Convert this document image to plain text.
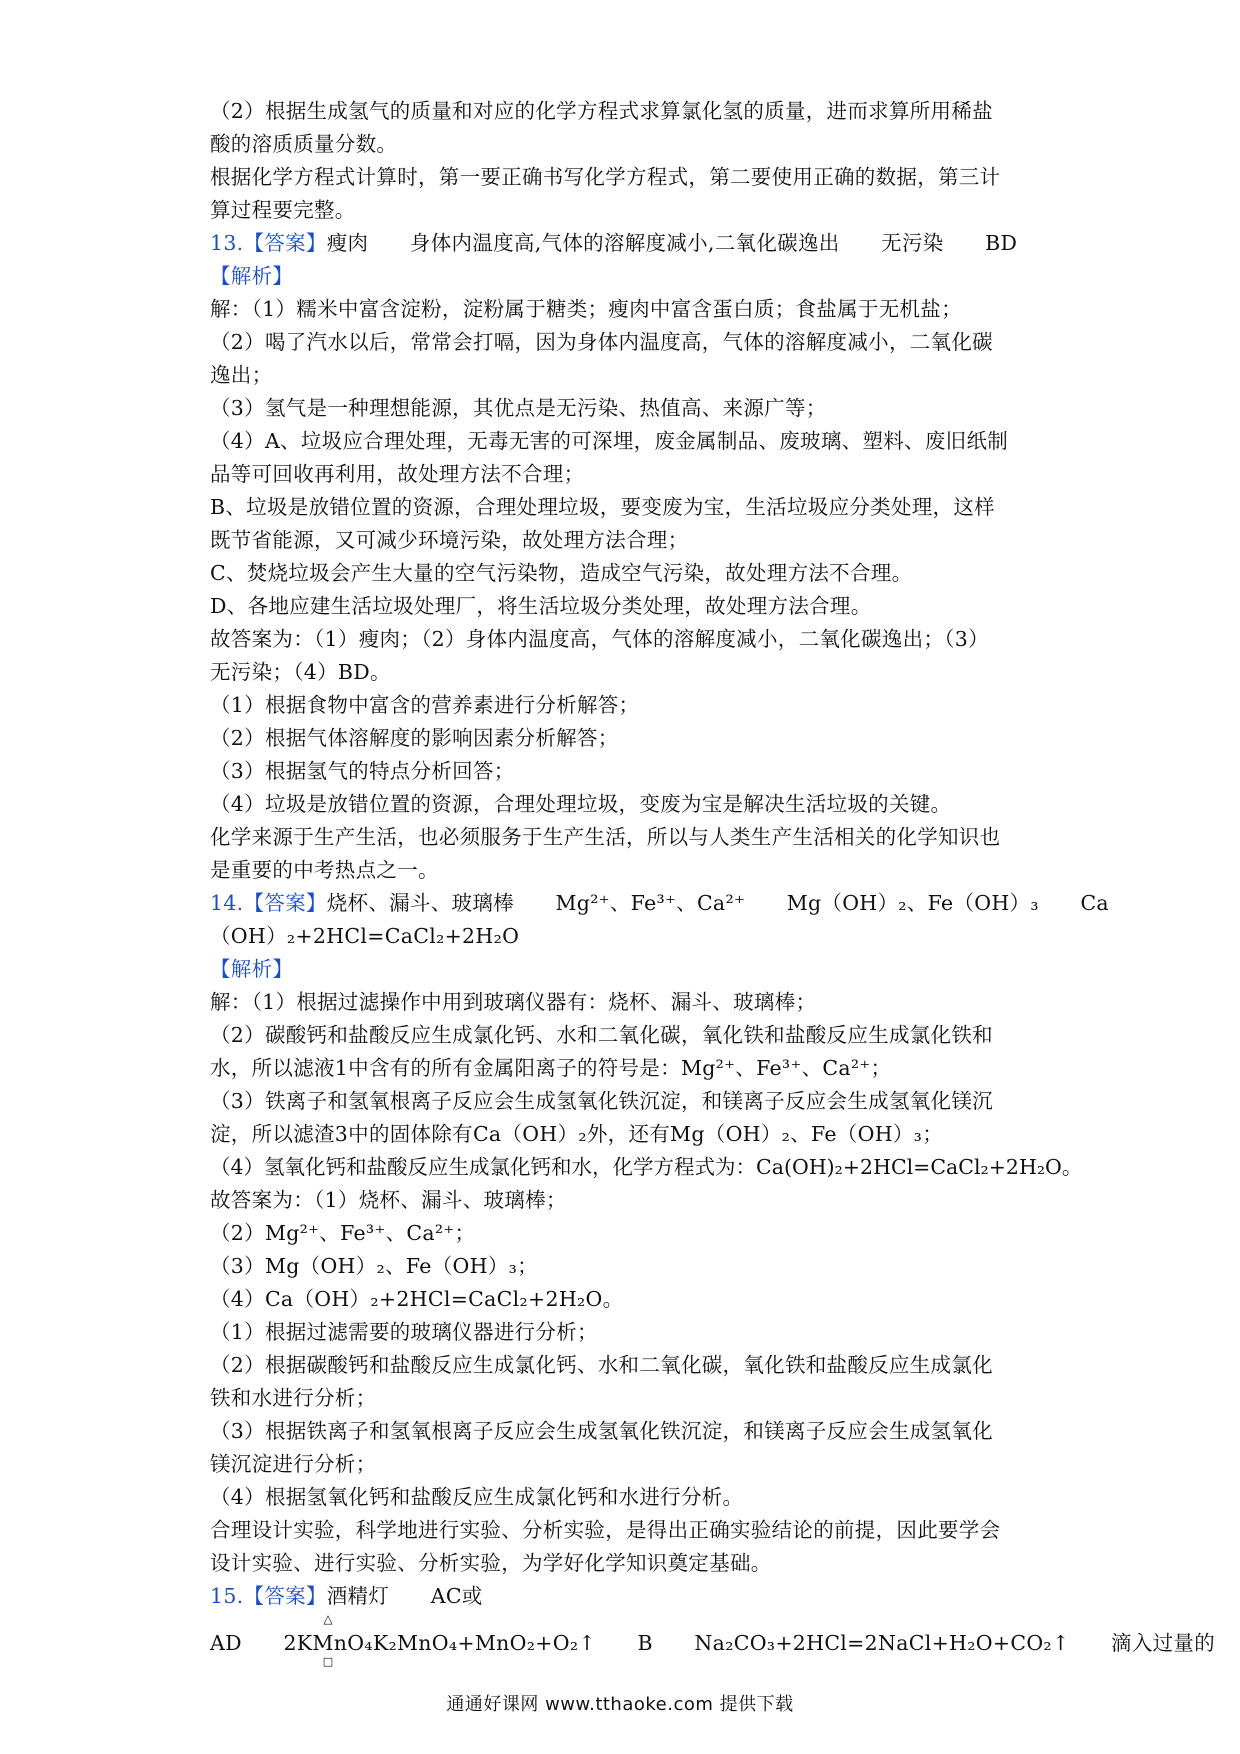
（2）根据生成氢气的质量和对应的化学方程式求算氯化氢的质量，进而求算所用稀盐
酸的溶质质量分数。
根据化学方程式计算时，第一要正确书写化学方程式，第二要使用正确的数据，第三计
算过程要完整。
13.【答案】瘦肉　　身体内温度高,气体的溶解度减小,二氧化碳逸出　　无污染　　BD
【解析】
解：（1）糯米中富含淀粉，淀粉属于糖类；瘦肉中富含蛋白质；食盐属于无机盐；
（2）喝了汽水以后，常常会打嗝，因为身体内温度高，气体的溶解度减小，二氧化碳
逸出；
（3）氢气是一种理想能源，其优点是无污染、热值高、来源广等；
（4）A、垃圾应合理处理，无毒无害的可深埋，废金属制品、废玻璃、塑料、废旧纸制
品等可回收再利用，故处理方法不合理；
B、垃圾是放错位置的资源，合理处理垃圾，要变废为宝，生活垃圾应分类处理，这样
既节省能源，又可减少环境污染，故处理方法合理；
C、焚烧垃圾会产生大量的空气污染物，造成空气污染，故处理方法不合理。
D、各地应建生活垃圾处理厂，将生活垃圾分类处理，故处理方法合理。
故答案为：（1）瘦肉；（2）身体内温度高，气体的溶解度减小，二氧化碳逸出；（3）
无污染；（4）BD。
（1）根据食物中富含的营养素进行分析解答；
（2）根据气体溶解度的影响因素分析解答；
（3）根据氢气的特点分析回答；
（4）垃圾是放错位置的资源，合理处理垃圾，变废为宝是解决生活垃圾的关键。
化学来源于生产生活，也必须服务于生产生活，所以与人类生产生活相关的化学知识也
是重要的中考热点之一。
14.【答案】烧杯、漏斗、玻璃棒　　Mg²⁺、Fe³⁺、Ca²⁺　　Mg（OH）₂、Fe（OH）₃　　Ca
（OH）₂+2HCl=CaCl₂+2H₂O
【解析】
解：（1）根据过滤操作中用到玻璃仪器有：烧杯、漏斗、玻璃棒；
（2）碳酸钙和盐酸反应生成氯化钙、水和二氧化碳，氧化铁和盐酸反应生成氯化铁和
水，所以滤液1中含有的所有金属阳离子的符号是：Mg²⁺、Fe³⁺、Ca²⁺；
（3）铁离子和氢氧根离子反应会生成氢氧化铁沉淀，和镁离子反应会生成氢氧化镁沉
淀，所以滤渣3中的固体除有Ca（OH）₂外，还有Mg（OH）₂、Fe（OH）₃；
（4）氢氧化钙和盐酸反应生成氯化钙和水，化学方程式为：Ca(OH)₂+2HCl=CaCl₂+2H₂O。
故答案为：（1）烧杯、漏斗、玻璃棒；
（2）Mg²⁺、Fe³⁺、Ca²⁺；
（3）Mg（OH）₂、Fe（OH）₃；
（4）Ca（OH）₂+2HCl=CaCl₂+2H₂O。
（1）根据过滤需要的玻璃仪器进行分析；
（2）根据碳酸钙和盐酸反应生成氯化钙、水和二氧化碳，氧化铁和盐酸反应生成氯化
铁和水进行分析；
（3）根据铁离子和氢氧根离子反应会生成氢氧化铁沉淀，和镁离子反应会生成氢氧化
镁沉淀进行分析；
（4）根据氢氧化钙和盐酸反应生成氯化钙和水进行分析。
合理设计实验，科学地进行实验、分析实验，是得出正确实验结论的前提，因此要学会
设计实验、进行实验、分析实验，为学好化学知识奠定基础。
15.【答案】酒精灯　　AC或
AD　　2KMnO₄
△
□
K₂MnO₄+MnO₂+O₂↑　　B　　Na₂CO₃+2HCl=2NaCl+H₂O+CO₂↑　　滴入过量的
通通好课网 www.tthaoke.com 提供下载
